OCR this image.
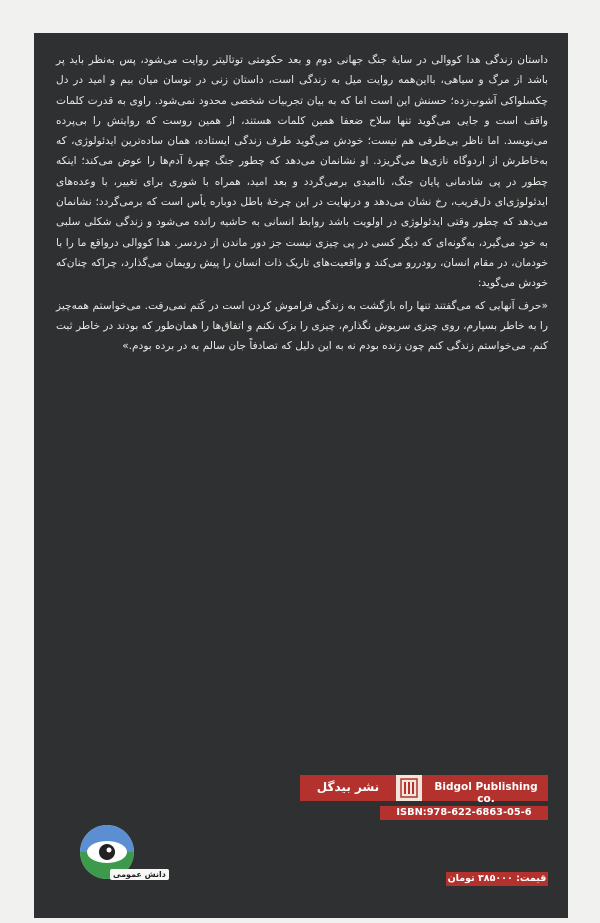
داستان زندگی هدا کووالی در سایهٔ جنگ جهانی دوم و بعد حکومتی توتالیتر روایت می‌شود، پس به‌نظر باید پر باشد از مرگ و سیاهی، بااین‌همه روایت میل به زندگی است، داستان زنی در نوسان میان بیم و امید در دل چکسلواکی آشوب‌زده؛ حسنش این است اما که به بیان تجربیات شخصی محدود نمی‌شود. راوی به قدرت کلمات واقف است و جایی می‌گوید تنها سلاح ضعفا همین کلمات هستند، از همین روست که روایتش را بی‌پرده می‌نویسد. اما ناظر بی‌طرفی هم نیست؛ خودش می‌گوید طرف زندگی ایستاده، همان ساده‌ترین ایدئولوژی، که به‌خاطرش از اردوگاه نازی‌ها می‌گریزد. او نشانمان می‌دهد که چطور جنگ چهرهٔ آدم‌ها را عوض می‌کند؛ اینکه چطور در پی شادمانی پایان جنگ، ناامیدی برمی‌گردد و بعد امید، همراه با شوری برای تغییر، با وعده‌های ایدئولوژی‌ای دل‌فریب، رخ نشان می‌دهد و درنهایت در این چرخهٔ باطل دوباره یأس است که برمی‌گردد؛ نشانمان می‌دهد که چطور وقتی ایدئولوژی در اولویت باشد روابط انسانی به حاشیه رانده می‌شود و زندگی شکلی سلبی به خود می‌گیرد، به‌گونه‌ای که دیگر کسی در پی چیزی نیست جز دور ماندن از دردسر. هدا کووالی درواقع ما را با خودمان، در مقام انسان، رودررو می‌کند و واقعیت‌های تاریک ذات انسان را پیش رویمان می‌گذارد، چراکه چنان‌که خودش می‌گوید:

«حرف آنهایی که می‌گفتند تنها راه بازگشت به زندگی فراموش کردن است در کَتم نمی‌رفت. می‌خواستم همه‌چیز را به خاطر بسپارم، روی چیزی سرپوش نگذارم، چیزی را بزک نکنم و اتفاق‌ها را همان‌طور که بودند در خاطر ثبت کنم. می‌خواستم زندگی کنم چون زنده بودم نه به این دلیل که تصادفاً جان سالم به در برده بودم.»

نشر بیدگل	Bidgol Publishing co.
ISBN:978-622-6863-05-6
قیمت: ۳۸۵۰۰۰ تومان
دانش عمومی
